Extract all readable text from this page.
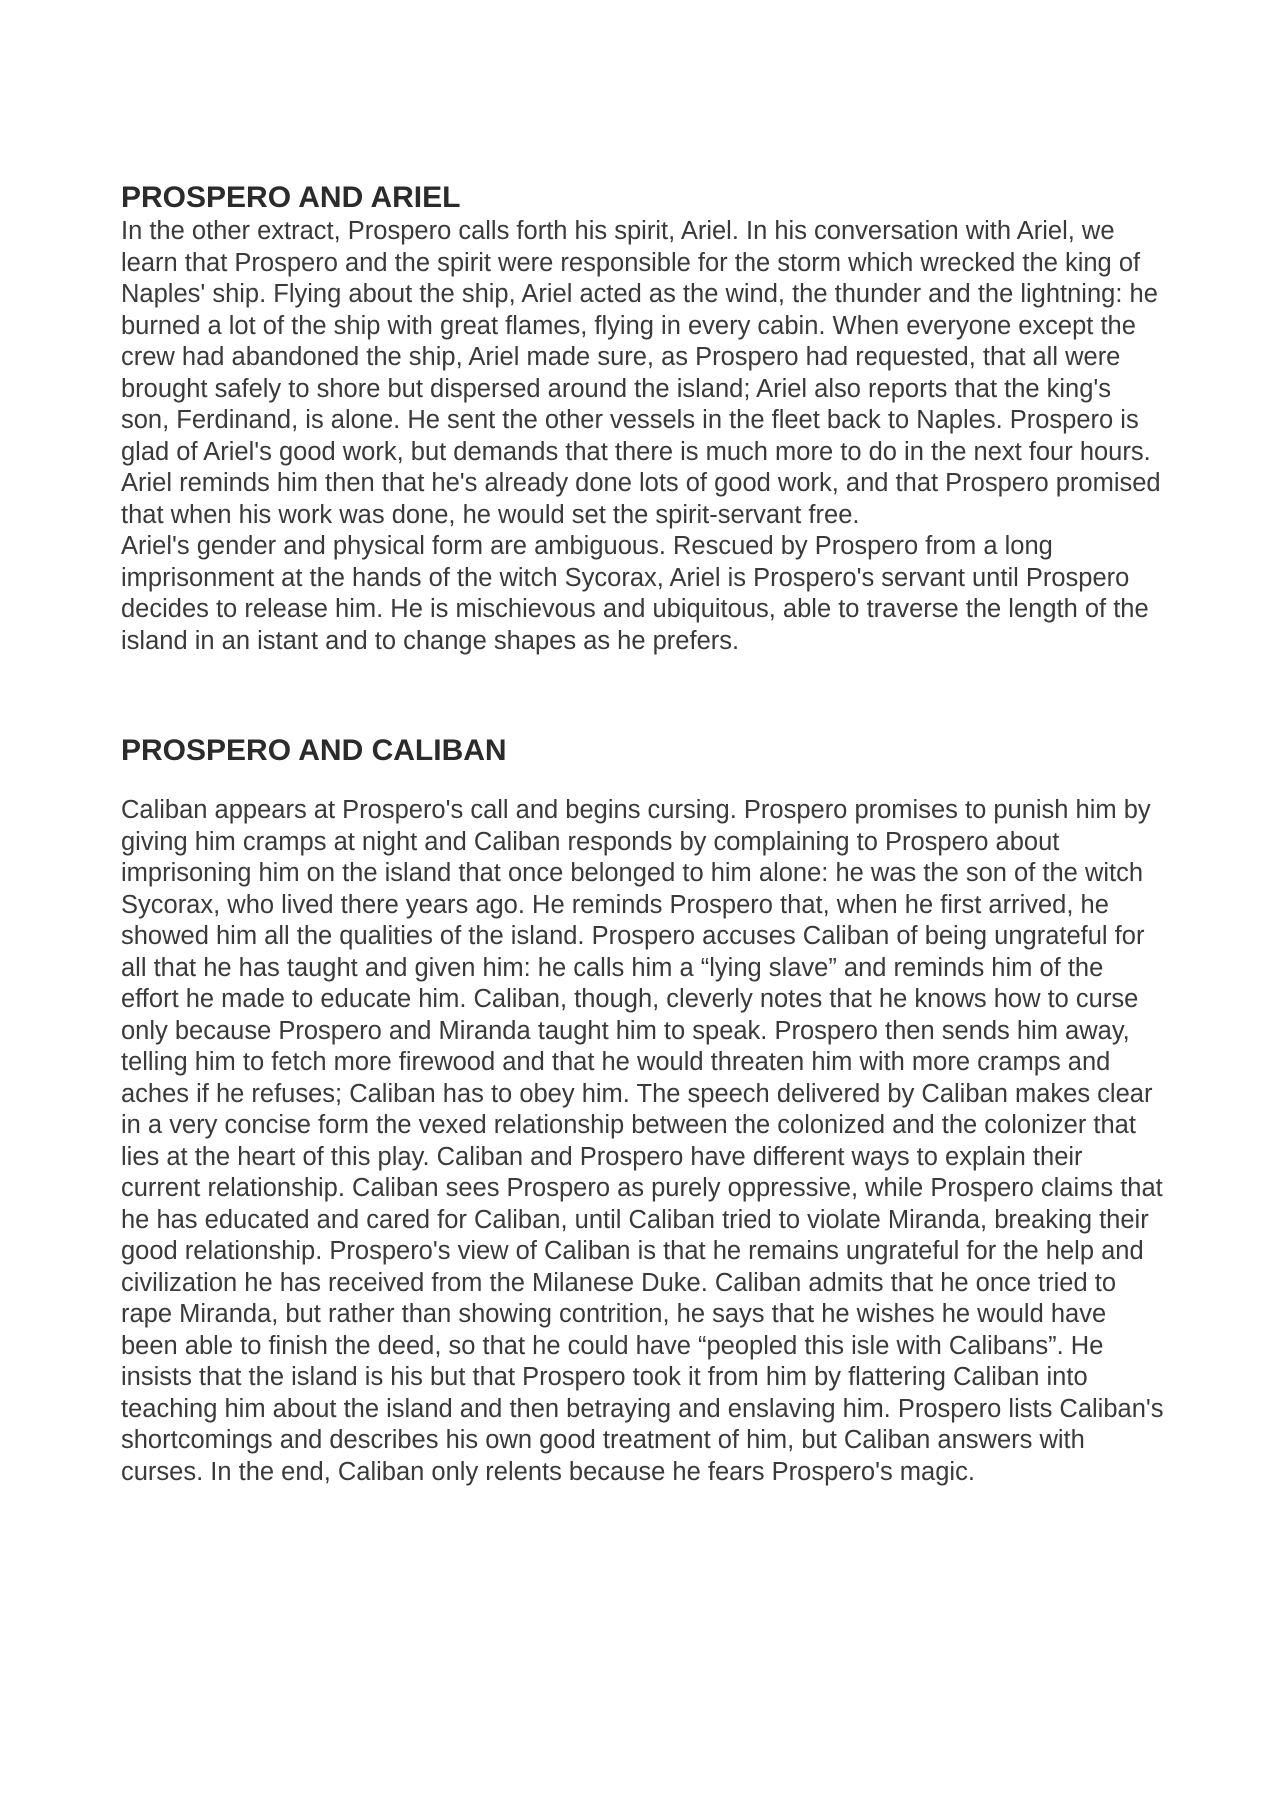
PROSPERO AND ARIEL

In the other extract, Prospero calls forth his spirit, Ariel. In his conversation with Ariel, we learn that Prospero and the spirit were responsible for the storm which wrecked the king of Naples' ship. Flying about the ship, Ariel acted as the wind, the thunder and the lightning: he burned a lot of the ship with great flames, flying in every cabin. When everyone except the crew had abandoned the ship, Ariel made sure, as Prospero had requested, that all were brought safely to shore but dispersed around the island; Ariel also reports that the king's son, Ferdinand, is alone. He sent the other vessels in the fleet back to Naples. Prospero is glad of Ariel's good work, but demands that there is much more to do in the next four hours. Ariel reminds him then that he's already done lots of good work, and that Prospero promised that when his work was done, he would set the spirit-servant free.

Ariel's gender and physical form are ambiguous. Rescued by Prospero from a long imprisonment at the hands of the witch Sycorax, Ariel is Prospero's servant until Prospero decides to release him. He is mischievous and ubiquitous, able to traverse the length of the island in an istant and to change shapes as he prefers.

PROSPERO AND CALIBAN

Caliban appears at Prospero's call and begins cursing. Prospero promises to punish him by giving him cramps at night and Caliban responds by complaining to Prospero about imprisoning him on the island that once belonged to him alone: he was the son of the witch Sycorax, who lived there years ago. He reminds Prospero that, when he first arrived, he showed him all the qualities of the island. Prospero accuses Caliban of being ungrateful for all that he has taught and given him: he calls him a “lying slave” and reminds him of the effort he made to educate him. Caliban, though, cleverly notes that he knows how to curse only because Prospero and Miranda taught him to speak. Prospero then sends him away, telling him to fetch more firewood and that he would threaten him with more cramps and aches if he refuses; Caliban has to obey him. The speech delivered by Caliban makes clear in a very concise form the vexed relationship between the colonized and the colonizer that lies at the heart of this play. Caliban and Prospero have different ways to explain their current relationship. Caliban sees Prospero as purely oppressive, while Prospero claims that he has educated and cared for Caliban, until Caliban tried to violate Miranda, breaking their good relationship. Prospero's view of Caliban is that he remains ungrateful for the help and civilization he has received from the Milanese Duke. Caliban admits that he once tried to rape Miranda, but rather than showing contrition, he says that he wishes he would have been able to finish the deed, so that he could have “peopled this isle with Calibans”. He insists that the island is his but that Prospero took it from him by flattering Caliban into teaching him about the island and then betraying and enslaving him. Prospero lists Caliban's shortcomings and describes his own good treatment of him, but Caliban answers with curses. In the end, Caliban only relents because he fears Prospero's magic.
